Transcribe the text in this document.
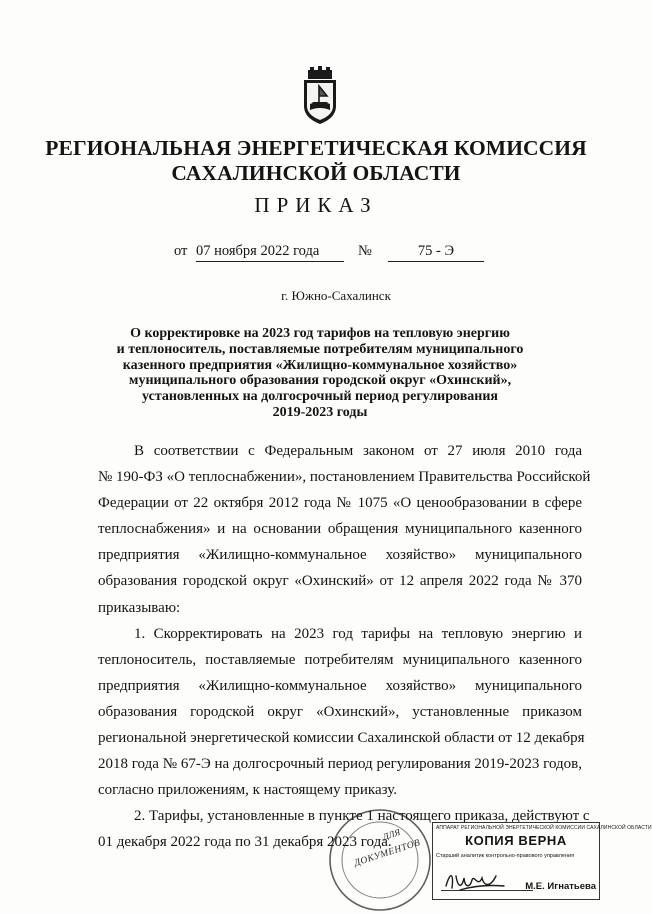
РЕГИОНАЛЬНАЯ ЭНЕРГЕТИЧЕСКАЯ КОМИССИЯ
САХАЛИНСКОЙ ОБЛАСТИ
ПРИКАЗ
от 07 ноября 2022 года	№	75 - Э
г. Южно-Сахалинск
О корректировке на 2023 год тарифов на тепловую энергию
и теплоноситель, поставляемые потребителям муниципального
казенного предприятия «Жилищно-коммунальное хозяйство»
муниципального образования городской округ «Охинский»,
установленных на долгосрочный период регулирования
2019-2023 годы
В соответствии с Федеральным законом от 27 июля 2010 года
№ 190-ФЗ «О теплоснабжении», постановлением Правительства Российской
Федерации от 22 октября 2012 года № 1075 «О ценообразовании в сфере
теплоснабжения» и на основании обращения муниципального казенного
предприятия «Жилищно-коммунальное хозяйство» муниципального
образования городской округ «Охинский» от 12 апреля 2022 года № 370
приказываю:
1. Скорректировать на 2023 год тарифы на тепловую энергию и
теплоноситель, поставляемые потребителям муниципального казенного
предприятия «Жилищно-коммунальное хозяйство» муниципального
образования городской округ «Охинский», установленные приказом
региональной энергетической комиссии Сахалинской области от 12 декабря
2018 года № 67-Э на долгосрочный период регулирования 2019-2023 годов,
согласно приложениям, к настоящему приказу.
2. Тарифы, установленные в пункте 1 настоящего приказа, действуют с
01 декабря 2022 года по 31 декабря 2023 года.
ДЛЯ
ДОКУМЕНТОВ
АППАРАТ РЕГИОНАЛЬНОЙ ЭНЕРГЕТИЧЕСКОЙ КОМИССИИ САХАЛИНСКОЙ ОБЛАСТИ
КОПИЯ ВЕРНА
Старший аналитик контрольно-правового управления
М.Е. Игнатьева
